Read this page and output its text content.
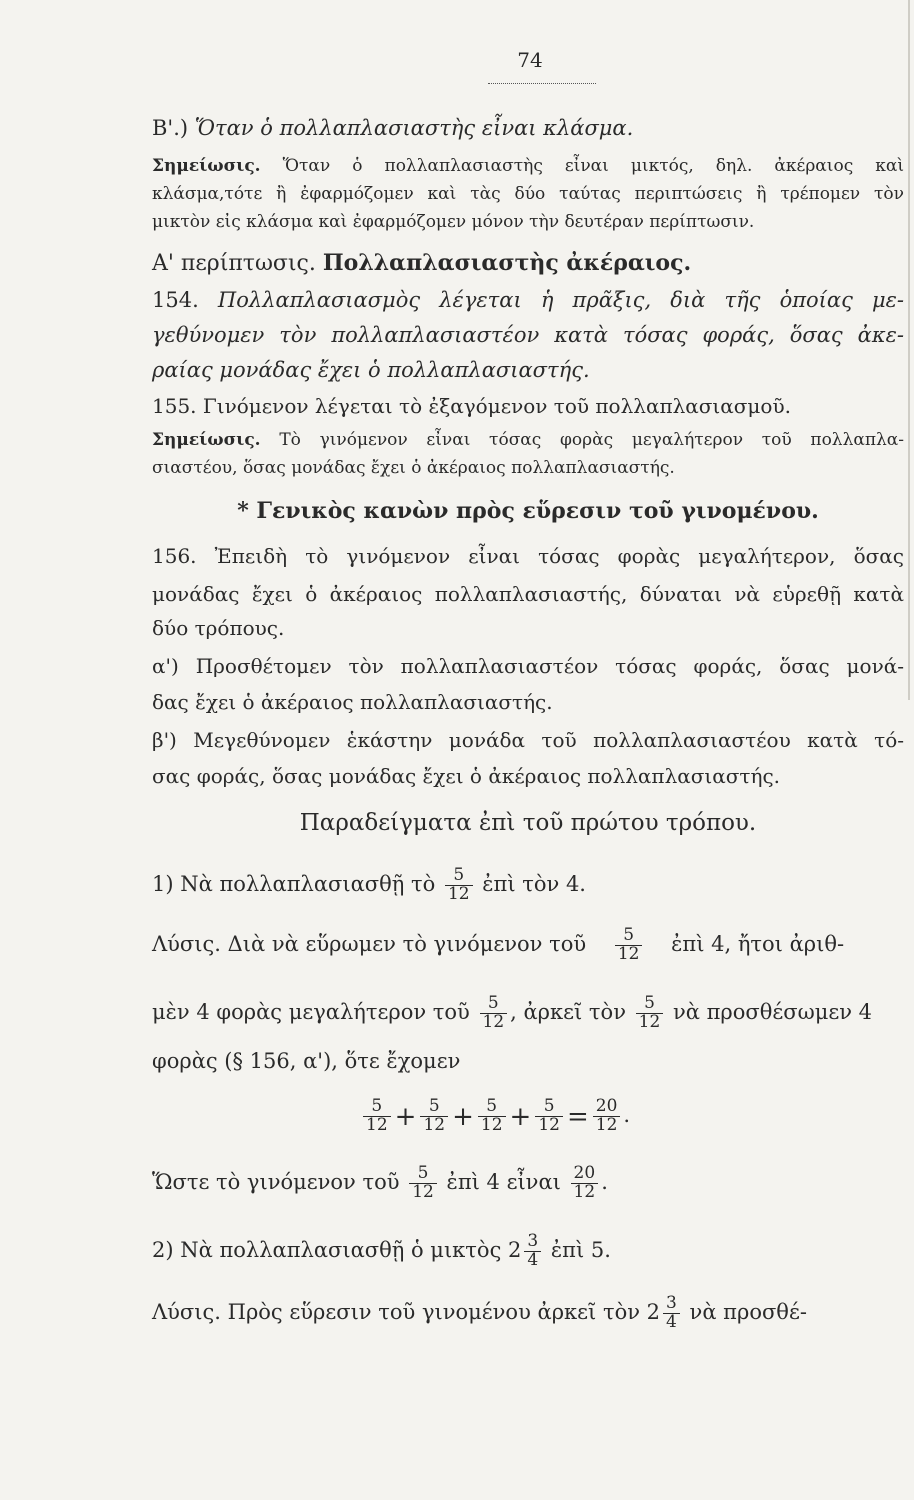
74
Β'.) Ὅταν ὁ πολλαπλασιαστὴς εἶναι κλάσμα.
Σημείωσις. Ὅταν ὁ πολλαπλασιαστὴς εἶναι μικτός, δηλ. ἀκέραιος καὶ
κλάσμα,τότε ἢ ἐφαρμόζομεν καὶ τὰς δύο ταύτας περιπτώσεις ἢ τρέπομεν τὸν
μικτὸν εἰς κλάσμα καὶ ἐφαρμόζομεν μόνον τὴν δευτέραν περίπτωσιν.
Α' περίπτωσις. Πολλαπλασιαστὴς ἀκέραιος.
154. Πολλαπλασιασμὸς λέγεται ἡ πρᾶξις, διὰ τῆς ὁποίας με-
γεθύνομεν τὸν πολλαπλασιαστέον κατὰ τόσας φοράς, ὅσας ἀκε-
ραίας μονάδας ἔχει ὁ πολλαπλασιαστής.
155. Γινόμενον λέγεται τὸ ἐξαγόμενον τοῦ πολλαπλασιασμοῦ.
Σημείωσις. Τὸ γινόμενον εἶναι τόσας φορὰς μεγαλήτερον τοῦ πολλαπλα-
σιαστέου, ὅσας μονάδας ἔχει ὁ ἀκέραιος πολλαπλασιαστής.
* Γενικὸς κανὼν πρὸς εὕρεσιν τοῦ γινομένου.
156. Ἐπειδὴ τὸ γινόμενον εἶναι τόσας φορὰς μεγαλήτερον, ὅσας
μονάδας ἔχει ὁ ἀκέραιος πολλαπλασιαστής, δύναται νὰ εὑρεθῇ κατὰ
δύο τρόπους.
α') Προσθέτομεν τὸν πολλαπλασιαστέον τόσας φοράς, ὅσας μονά-
δας ἔχει ὁ ἀκέραιος πολλαπλασιαστής.
β') Μεγεθύνομεν ἑκάστην μονάδα τοῦ πολλαπλασιαστέου κατὰ τό-
σας φοράς, ὅσας μονάδας ἔχει ὁ ἀκέραιος πολλαπλασιαστής.
Παραδείγματα ἐπὶ τοῦ πρώτου τρόπου.
1) Νὰ πολλαπλασιασθῇ τὸ $\frac{5}{12}$ ἐπὶ τὸν 4.
Λύσις. Διὰ νὰ εὕρωμεν τὸ γινόμενον τοῦ $\frac{5}{12}$ ἐπὶ 4, ἤτοι ἀριθ-
μὲν 4 φορὰς μεγαλήτερον τοῦ $\frac{5}{12}$ , ἀρκεῖ τὸν $\frac{5}{12}$ νὰ προσθέσωμεν 4
φορὰς (§ 156, α'), ὅτε ἔχομεν
$\frac{5}{12} + \frac{5}{12} + \frac{5}{12} + \frac{5}{12} = \frac{20}{12}$ .
Ὥστε τὸ γινόμενον τοῦ $\frac{5}{12}$ ἐπὶ 4 εἶναι $\frac{20}{12}$ .
2) Νὰ πολλαπλασιασθῇ ὁ μικτὸς $2 \frac{3}{4}$ ἐπὶ 5.
Λύσις. Πρὸς εὕρεσιν τοῦ γινομένου ἀρκεῖ τὸν $2 \frac{3}{4}$ νὰ προσθέ-
